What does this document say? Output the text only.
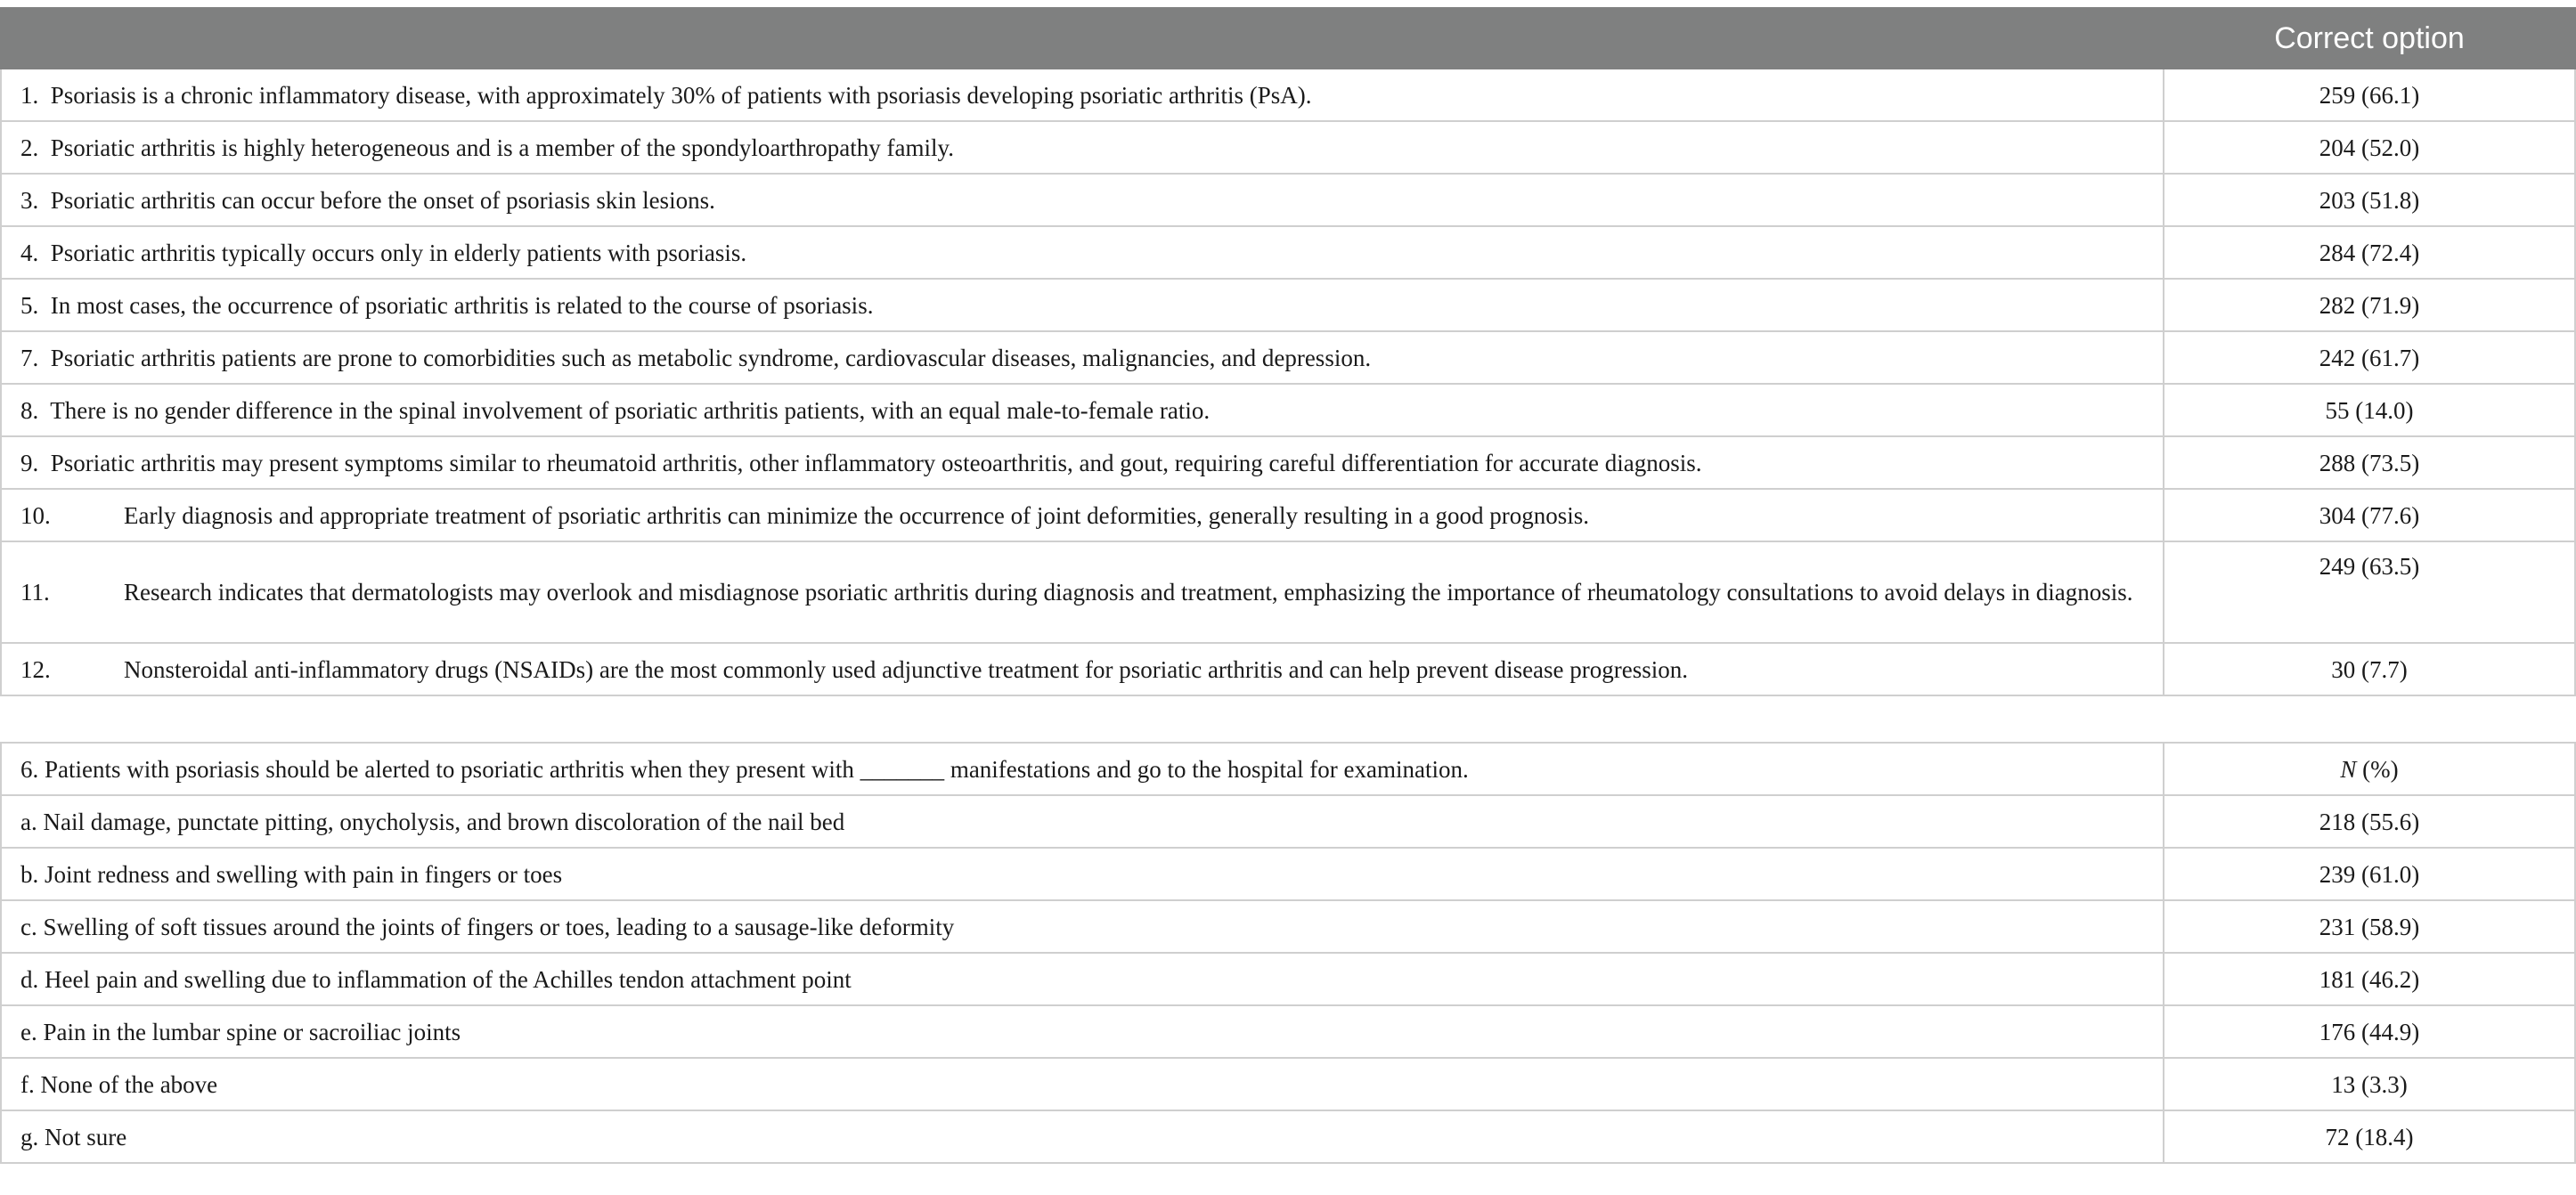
	Correct option
1. Psoriasis is a chronic inflammatory disease, with approximately 30% of patients with psoriasis developing psoriatic arthritis (PsA).	259 (66.1)
2. Psoriatic arthritis is highly heterogeneous and is a member of the spondyloarthropathy family.	204 (52.0)
3. Psoriatic arthritis can occur before the onset of psoriasis skin lesions.	203 (51.8)
4. Psoriatic arthritis typically occurs only in elderly patients with psoriasis.	284 (72.4)
5. In most cases, the occurrence of psoriatic arthritis is related to the course of psoriasis.	282 (71.9)
7. Psoriatic arthritis patients are prone to comorbidities such as metabolic syndrome, cardiovascular diseases, malignancies, and depression.	242 (61.7)
8. There is no gender difference in the spinal involvement of psoriatic arthritis patients, with an equal male-to-female ratio.	55 (14.0)
9. Psoriatic arthritis may present symptoms similar to rheumatoid arthritis, other inflammatory osteoarthritis, and gout, requiring careful differentiation for accurate diagnosis.	288 (73.5)
10. Early diagnosis and appropriate treatment of psoriatic arthritis can minimize the occurrence of joint deformities, generally resulting in a good prognosis.	304 (77.6)
11. Research indicates that dermatologists may overlook and misdiagnose psoriatic arthritis during diagnosis and treatment, emphasizing the importance of rheumatology consultations to avoid delays in diagnosis.	249 (63.5)
12. Nonsteroidal anti-inflammatory drugs (NSAIDs) are the most commonly used adjunctive treatment for psoriatic arthritis and can help prevent disease progression.	30 (7.7)
6. Patients with psoriasis should be alerted to psoriatic arthritis when they present with _______ manifestations and go to the hospital for examination.	N (%)
a. Nail damage, punctate pitting, onycholysis, and brown discoloration of the nail bed	218 (55.6)
b. Joint redness and swelling with pain in fingers or toes	239 (61.0)
c. Swelling of soft tissues around the joints of fingers or toes, leading to a sausage-like deformity	231 (58.9)
d. Heel pain and swelling due to inflammation of the Achilles tendon attachment point	181 (46.2)
e. Pain in the lumbar spine or sacroiliac joints	176 (44.9)
f. None of the above	13 (3.3)
g. Not sure	72 (18.4)
